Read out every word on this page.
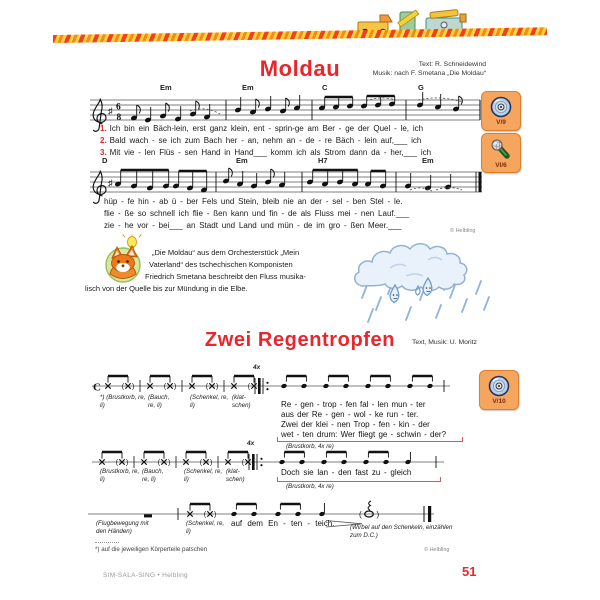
Moldau	Text: R. Schneidewind
Musik: nach F. Smetana „Die Moldau“
V/9
VI/6
V/10
Em	Em	C	G
♯ 6
8
1. Ich bin ein Bäch-lein, erst ganz klein, ent - sprin-ge am Ber - ge der Quel - le, ich
2. Bald wach - se ich zum Bach her - an, nehm an - de - re Bäch - lein auf,___ ich
3. Mit vie - len Flüs - sen Hand in Hand___ komm ich als Strom dann da - her,___ ich
D	Em	H7	Em
♯
hüp - fe hin - ab ü - ber Fels und Stein, bleib nie an der - sel - ben Stel - le.
flie - ße so schnell ich flie - ßen kann und fin - de als Fluss mei - nen Lauf.___
zie - he vor - bei___ an Stadt und Land und mün - de im gro - ßen Meer.___
© Helbling
„Die Moldau“ aus dem Orchesterstück „Mein
Vaterland“ des tschechischen Komponisten
Friedrich Smetana beschreibt den Fluss musika-
lisch von der Quelle bis zur Mündung in die Elbe.
Zwei Regentropfen	Text, Musik: U. Moritz
C	( )	( )	( )	(
4x
*) (Brustkorb, re, li)
(Bauch, re, li)
(Schenkel, re, li)
(klat-schen)	Re - gen - trop - fen fal - len mun - ter
aus der Re - gen - wol - ke run - ter.
Zwei der klei - nen Trop - fen - kin - der
wet - ten drum: Wer fliegt ge - schwin - der?
(Brustkorb, 4x re)
( )	( )	( )	(
4x
(Brustkorb, re, li)
(Bauch, re, li)
(Schenkel, re, li)
(klat-schen)
Doch sie lan - den fast zu - gleich
(Brustkorb, 4x re)
( )	( )
(Flugbewegung mit den Händen)
(Schenkel, re, li)
auf dem En - ten - teich.	(Wirbel auf den Schenkeln, einzählen zum D.C.)
*) auf die jeweiligen Körperteile patschen	© Helbling
SIM-SALA-SING • Helbling	51
